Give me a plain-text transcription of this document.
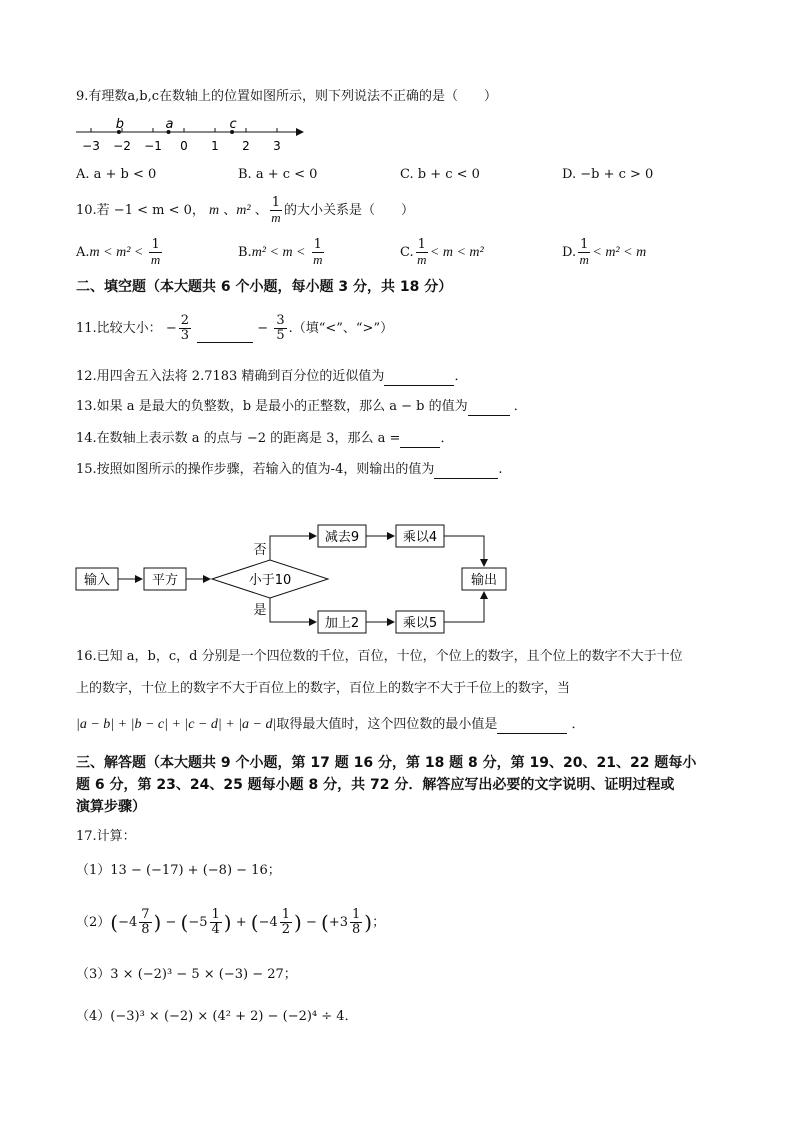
9.有理数a,b,c在数轴上的位置如图所示，则下列说法不正确的是（　　）
−3 −2 −1 0 1 2 3
b	a	c
A. a + b < 0	B. a + c < 0	C. b + c < 0	D. −b + c > 0
10.若 −1 < m < 0， m 、m² 、 $\frac{1}{m}$ 的大小关系是（　　）
$A.m < m^2 < \frac{1}{m}$	$B.m^2 < m < \frac{1}{m}$	C. $\frac{1}{m} < m < m^2$	D. $\frac{1}{m} < m^2 < m$
二、填空题（本大题共 6 个小题，每小题 3 分，共 18 分）
11.比较大小： − $\frac{2}{3}$	− $\frac{3}{5}$ .（填“<”、“>”）
12.用四舍五入法将 2.7183 精确到百分位的近似值为	．
13.如果 a 是最大的负整数，b 是最小的正整数，那么 a − b 的值为	．
14.在数轴上表示数 a 的点与 −2 的距离是 3，那么 a =	．
15.按照如图所示的操作步骤，若输入的值为-4，则输出的值为	.
输入	平方	小于10
否
减去9	乘以4
是
加上2	乘以5
输出
16.已知 a，b，c，d 分别是一个四位数的千位，百位，十位，个位上的数字，且个位上的数字不大于十位
上的数字，十位上的数字不大于百位上的数字，百位上的数字不大于千位上的数字，当
|a − b| + |b − c| + |c − d| + |a − d|取得最大值时，这个四位数的最小值是	．
三、解答题（本大题共 9 个小题，第 17 题 16 分，第 18 题 8 分，第 19、20、21、22 题每小
题 6 分，第 23、24、25 题每小题 8 分，共 72 分．解答应写出必要的文字说明、证明过程或
演算步骤）
17.计算：
（1）13 − (−17) + (−8) − 16；
$(2)(-4 \frac{7}{8}$ ) − ($-5 \frac{1}{4}$ ) + ($-4 \frac{1}{2}$ ) − ($+3 \frac{1}{8}$ )；
（3）3 × (−2)³ − 5 × (−3) − 27；
（4）(−3)³ × (−2) × (4² + 2) − (−2)⁴ ÷ 4．
